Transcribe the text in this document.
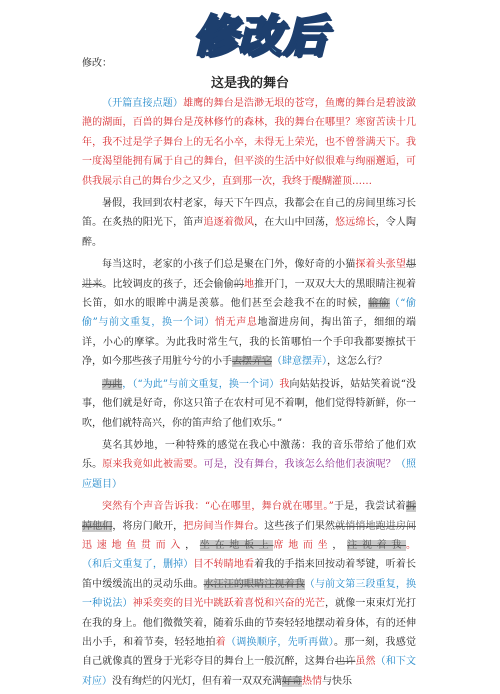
修改后
修改：
这是我的舞台

（开篇直接点题）雄鹰的舞台是浩渺无垠的苍穹，鱼鹰的舞台是碧波潋滟的湖面，百兽的舞台是茂林修竹的森林，我的舞台在哪里？寒窗苦读十几年，我不过是学子舞台上的无名小卒，未得无上荣光，也不曾誉满天下。我一度渴望能拥有属于自己的舞台，但平淡的生活中好似很难与绚丽邂逅，可供我展示自己的舞台少之又少，直到那一次，我终于醍醐灌顶……

暑假，我回到农村老家，每天下午四点，我都会在自己的房间里练习长笛。在炙热的阳光下，笛声追逐着微风，在大山中回荡，悠远绵长，令人陶醉。

每当这时，老家的小孩子们总是聚在门外，像好奇的小猫探着头张望想进来。比较调皮的孩子，还会偷偷的地推开门，一双双大大的黑眼睛注视着长笛，如水的眼眸中满是羡慕。他们甚至会趁我不在的时候，偷偷（“偷偷”与前文重复，换一个词）悄无声息地溜进房间，掏出笛子，细细的端详，小心的摩挲。为此我时常生气，我的长笛哪怕一个手印我都要擦拭干净，如今那些孩子用脏兮兮的小手去摆弄它（肆意摆弄），这怎么行？

为此，（“为此”与前文重复，换一个词）我向姑姑投诉，姑姑笑着说“没事，他们就是好奇，你这只笛子在农村可见不着啊，他们觉得特新鲜，你一吹，他们就特高兴，你的笛声给了他们欢乐。”

莫名其妙地，一种特殊的感觉在我心中激荡：我的音乐带给了他们欢乐。原来我竟如此被需要。可是，没有舞台，我该怎么给他们表演呢？（照应题目）

突然有个声音告诉我：“心在哪里，舞台就在哪里。”于是，我尝试着拆掉他们，将房门敞开，把房间当作舞台。这些孩子们果然就悄悄地跑进房间迅速地鱼贯而入，坐在地板上席地而坐，注视着我。（和后文重复了，删掉）目不转睛地看着我的手指来回按动着琴键，听着长笛中缓缓流出的灵动乐曲。水汪汪的眼睛注视着我（与前文第三段重复，换一种说法）神采奕奕的目光中跳跃着喜悦和兴奋的光芒，就像一束束灯光打在我的身上。他们微微笑着，随着乐曲的节奏轻轻地摆动着身体，有的还伸出小手，和着节奏，轻轻地拍着（调换顺序，先听再做）。那一刻，我感觉自己就像真的置身于光彩夺目的舞台上一般沉醉，这舞台也许虽然（和下文对应）没有绚烂的闪光灯，但有着一双双充满好奇热情与快乐
